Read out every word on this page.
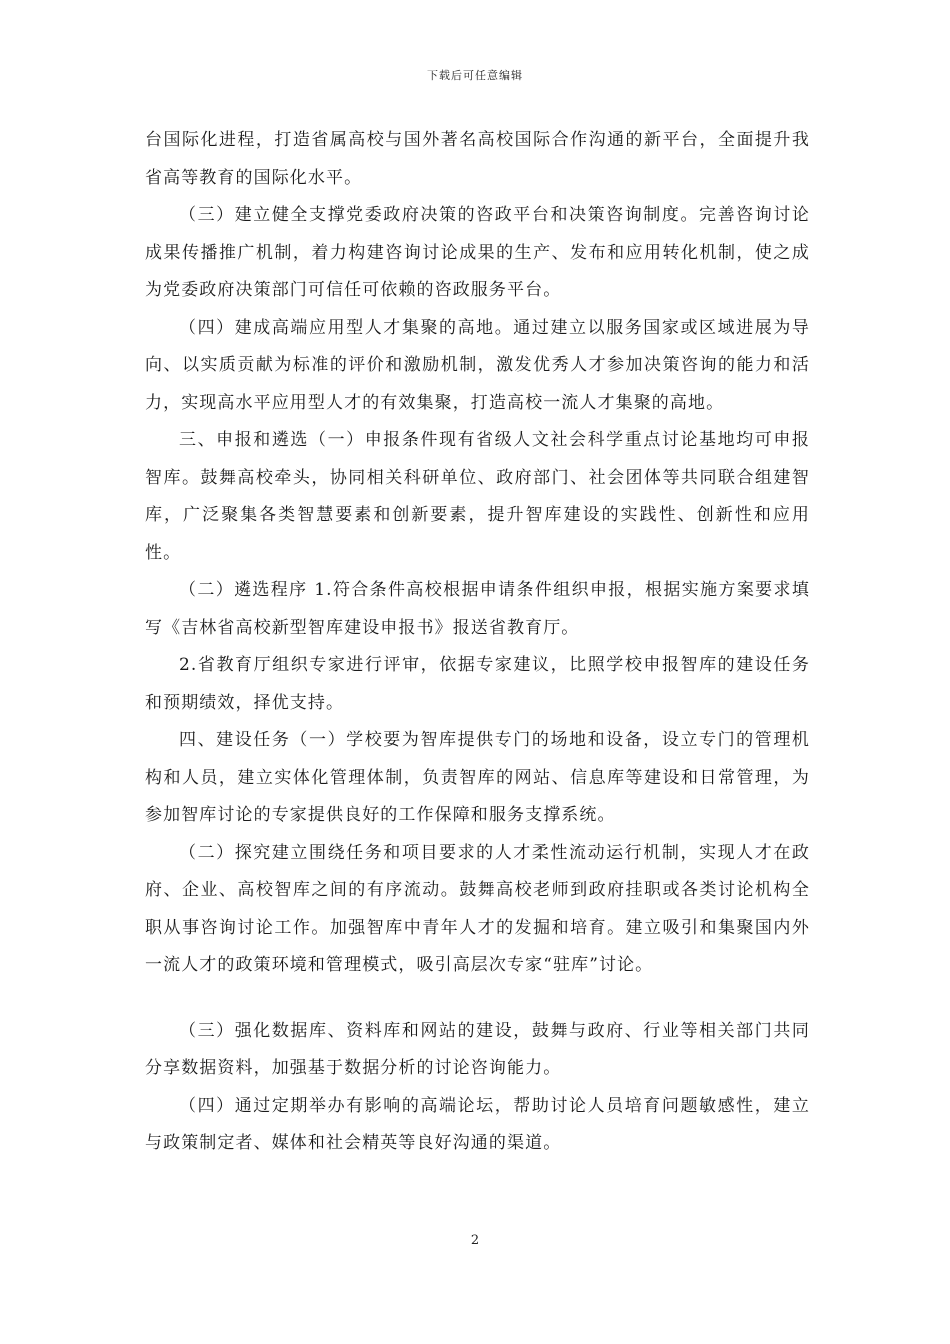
下载后可任意编辑

台国际化进程，打造省属高校与国外著名高校国际合作沟通的新平台，全面提升我省高等教育的国际化水平。

（三）建立健全支撑党委政府决策的咨政平台和决策咨询制度。完善咨询讨论成果传播推广机制，着力构建咨询讨论成果的生产、发布和应用转化机制，使之成为党委政府决策部门可信任可依赖的咨政服务平台。

（四）建成高端应用型人才集聚的高地。通过建立以服务国家或区域进展为导向、以实质贡献为标准的评价和激励机制，激发优秀人才参加决策咨询的能力和活力，实现高水平应用型人才的有效集聚，打造高校一流人才集聚的高地。

三、申报和遴选（一）申报条件现有省级人文社会科学重点讨论基地均可申报智库。鼓舞高校牵头，协同相关科研单位、政府部门、社会团体等共同联合组建智库，广泛聚集各类智慧要素和创新要素，提升智库建设的实践性、创新性和应用性。

（二）遴选程序 1.符合条件高校根据申请条件组织申报，根据实施方案要求填写《吉林省高校新型智库建设申报书》报送省教育厅。

2.省教育厅组织专家进行评审，依据专家建议，比照学校申报智库的建设任务和预期绩效，择优支持。

四、建设任务（一）学校要为智库提供专门的场地和设备，设立专门的管理机构和人员，建立实体化管理体制，负责智库的网站、信息库等建设和日常管理，为参加智库讨论的专家提供良好的工作保障和服务支撑系统。

（二）探究建立围绕任务和项目要求的人才柔性流动运行机制，实现人才在政府、企业、高校智库之间的有序流动。鼓舞高校老师到政府挂职或各类讨论机构全职从事咨询讨论工作。加强智库中青年人才的发掘和培育。建立吸引和集聚国内外一流人才的政策环境和管理模式，吸引高层次专家“驻库”讨论。

（三）强化数据库、资料库和网站的建设，鼓舞与政府、行业等相关部门共同分享数据资料，加强基于数据分析的讨论咨询能力。

（四）通过定期举办有影响的高端论坛，帮助讨论人员培育问题敏感性，建立与政策制定者、媒体和社会精英等良好沟通的渠道。

2
